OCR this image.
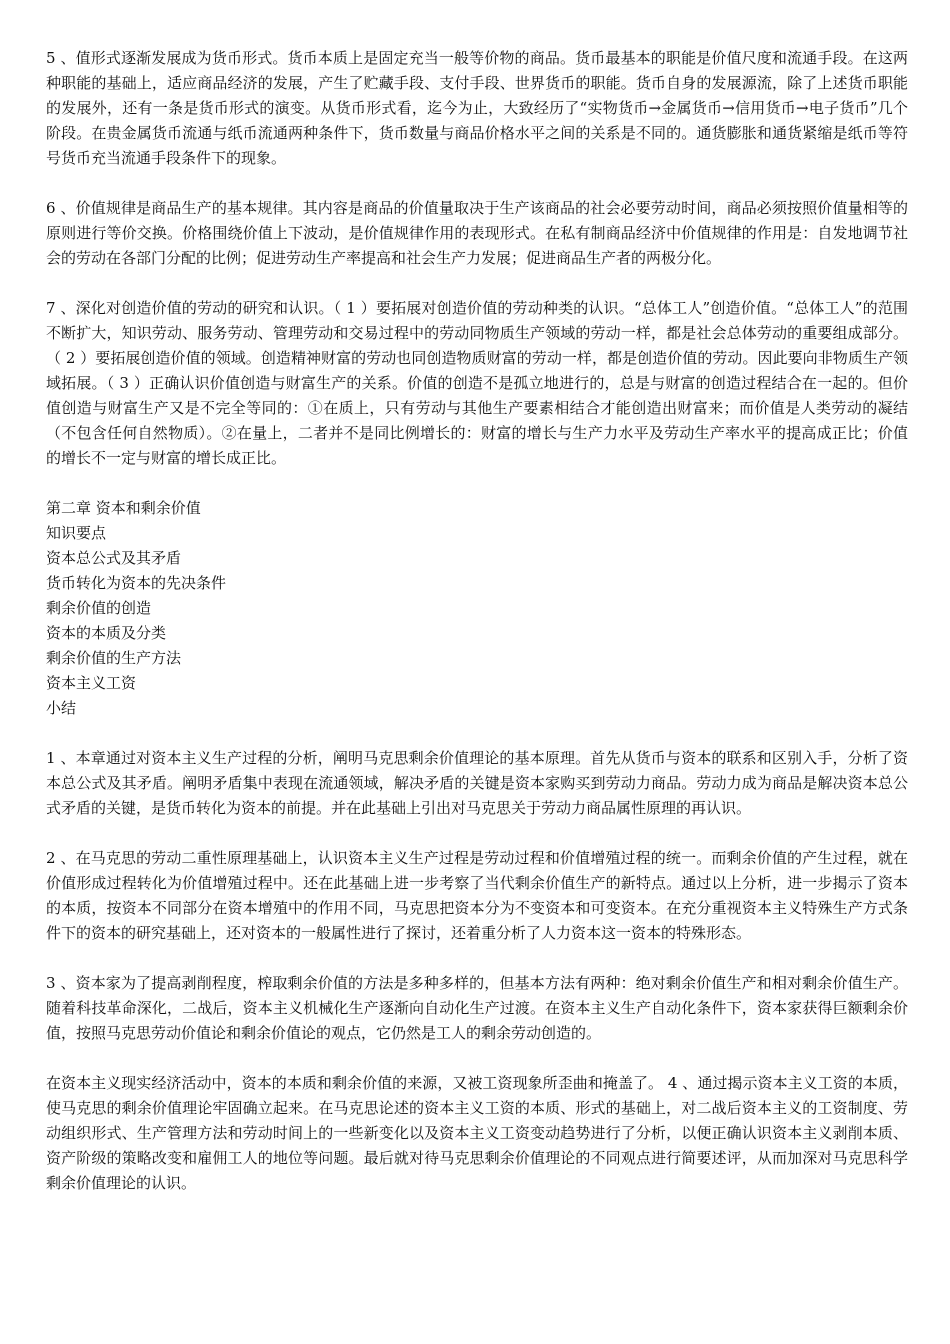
5 、值形式逐渐发展成为货币形式。货币本质上是固定充当一般等价物的商品。货币最基本的职能是价值尺度和流通手段。在这两种职能的基础上，适应商品经济的发展，产生了贮藏手段、支付手段、世界货币的职能。货币自身的发展源流，除了上述货币职能的发展外，还有一条是货币形式的演变。从货币形式看，迄今为止，大致经历了“实物货币→金属货币→信用货币→电子货币”几个阶段。在贵金属货币流通与纸币流通两种条件下，货币数量与商品价格水平之间的关系是不同的。通货膨胀和通货紧缩是纸币等符号货币充当流通手段条件下的现象。

6 、价值规律是商品生产的基本规律。其内容是商品的价值量取决于生产该商品的社会必要劳动时间，商品必须按照价值量相等的原则进行等价交换。价格围绕价值上下波动，是价值规律作用的表现形式。在私有制商品经济中价值规律的作用是：自发地调节社会的劳动在各部门分配的比例；促进劳动生产率提高和社会生产力发展；促进商品生产者的两极分化。

7 、深化对创造价值的劳动的研究和认识。（ 1 ）要拓展对创造价值的劳动种类的认识。“总体工人”创造价值。“总体工人”的范围不断扩大，知识劳动、服务劳动、管理劳动和交易过程中的劳动同物质生产领域的劳动一样，都是社会总体劳动的重要组成部分。（ 2 ）要拓展创造价值的领域。创造精神财富的劳动也同创造物质财富的劳动一样，都是创造价值的劳动。因此要向非物质生产领域拓展。（ 3 ）正确认识价值创造与财富生产的关系。价值的创造不是孤立地进行的，总是与财富的创造过程结合在一起的。但价值创造与财富生产又是不完全等同的：①在质上，只有劳动与其他生产要素相结合才能创造出财富来；而价值是人类劳动的凝结（不包含任何自然物质）。②在量上，二者并不是同比例增长的：财富的增长与生产力水平及劳动生产率水平的提高成正比；价值的增长不一定与财富的增长成正比。

第二章 资本和剩余价值
知识要点
资本总公式及其矛盾
货币转化为资本的先决条件
剩余价值的创造
资本的本质及分类
剩余价值的生产方法
资本主义工资
小结

1 、本章通过对资本主义生产过程的分析，阐明马克思剩余价值理论的基本原理。首先从货币与资本的联系和区别入手，分析了资本总公式及其矛盾。阐明矛盾集中表现在流通领域，解决矛盾的关键是资本家购买到劳动力商品。劳动力成为商品是解决资本总公式矛盾的关键，是货币转化为资本的前提。并在此基础上引出对马克思关于劳动力商品属性原理的再认识。

2 、在马克思的劳动二重性原理基础上，认识资本主义生产过程是劳动过程和价值增殖过程的统一。而剩余价值的产生过程，就在价值形成过程转化为价值增殖过程中。还在此基础上进一步考察了当代剩余价值生产的新特点。通过以上分析，进一步揭示了资本的本质，按资本不同部分在资本增殖中的作用不同，马克思把资本分为不变资本和可变资本。在充分重视资本主义特殊生产方式条件下的资本的研究基础上，还对资本的一般属性进行了探讨，还着重分析了人力资本这一资本的特殊形态。

3 、资本家为了提高剥削程度，榨取剩余价值的方法是多种多样的，但基本方法有两种：绝对剩余价值生产和相对剩余价值生产。随着科技革命深化，二战后，资本主义机械化生产逐渐向自动化生产过渡。在资本主义生产自动化条件下，资本家获得巨额剩余价值，按照马克思劳动价值论和剩余价值论的观点，它仍然是工人的剩余劳动创造的。

在资本主义现实经济活动中，资本的本质和剩余价值的来源，又被工资现象所歪曲和掩盖了。 4 、通过揭示资本主义工资的本质，使马克思的剩余价值理论牢固确立起来。在马克思论述的资本主义工资的本质、形式的基础上，对二战后资本主义的工资制度、劳动组织形式、生产管理方法和劳动时间上的一些新变化以及资本主义工资变动趋势进行了分析，以便正确认识资本主义剥削本质、资产阶级的策略改变和雇佣工人的地位等问题。最后就对待马克思剩余价值理论的不同观点进行简要述评，从而加深对马克思科学剩余价值理论的认识。
